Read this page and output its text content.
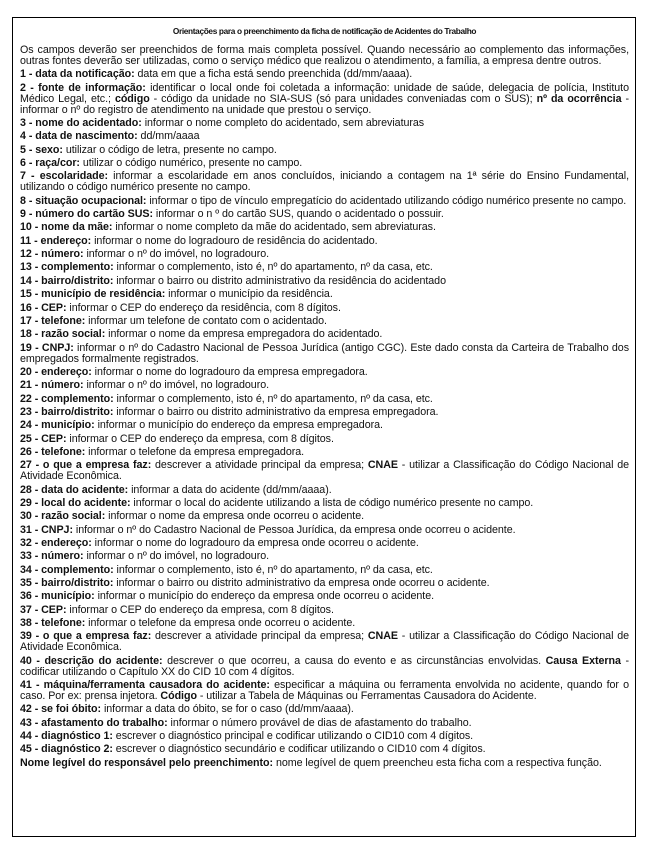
Orientações para o preenchimento da ficha de notificação de Acidentes do Trabalho

Os campos deverão ser preenchidos de forma mais completa possível. Quando necessário ao complemento das informações, outras fontes deverão ser utilizadas, como o serviço médico que realizou o atendimento, a família, a empresa dentre outros.

1 - data da notificação: data em que a ficha está sendo preenchida (dd/mm/aaaa).

2 - fonte de informação: identificar o local onde foi coletada a informação: unidade de saúde, delegacia de polícia, Instituto Médico Legal, etc.; código - código da unidade no SIA-SUS (só para unidades conveniadas com o SUS); nº da ocorrência - informar o nº do registro de atendimento na unidade que prestou o serviço.

3 - nome do acidentado: informar o nome completo do acidentado, sem abreviaturas

4 - data de nascimento: dd/mm/aaaa

5 - sexo: utilizar o código de letra, presente no campo.

6 - raça/cor: utilizar o código numérico, presente no campo.

7 - escolaridade: informar a escolaridade em anos concluídos, iniciando a contagem na 1ª série do Ensino Fundamental, utilizando o código numérico presente no campo.

8 - situação ocupacional: informar o tipo de vínculo empregatício do acidentado utilizando código numérico presente no campo.

9 - número do cartão SUS: informar o n º do cartão SUS, quando o acidentado o possuir.

10 - nome da mãe: informar o nome completo da mãe do acidentado, sem abreviaturas.

11 - endereço: informar o nome do logradouro de residência do acidentado.

12 - número: informar o nº do imóvel, no logradouro.

13 - complemento: informar o complemento, isto é, nº do apartamento, nº da casa, etc.

14 - bairro/distrito: informar o bairro ou distrito administrativo da residência do acidentado

15 - município de residência: informar o município da residência.

16 - CEP: informar o CEP do endereço da residência, com 8 dígitos.

17 - telefone: informar um telefone de contato com o acidentado.

18 - razão social: informar o nome da empresa empregadora do acidentado.

19 - CNPJ: informar o nº do Cadastro Nacional de Pessoa Jurídica (antigo CGC). Este dado consta da Carteira de Trabalho dos empregados formalmente registrados.

20 - endereço: informar o nome do logradouro da empresa empregadora.

21 - número: informar o nº do imóvel, no logradouro.

22 - complemento: informar o complemento, isto é, nº do apartamento, nº da casa, etc.

23 - bairro/distrito: informar o bairro ou distrito administrativo da empresa empregadora.

24 - município: informar o município do endereço da empresa empregadora.

25 - CEP: informar o CEP do endereço da empresa, com 8 dígitos.

26 - telefone: informar o telefone da empresa empregadora.

27 - o que a empresa faz: descrever a atividade principal da empresa; CNAE - utilizar a Classificação do Código Nacional de Atividade Econômica.

28 - data do acidente: informar a data do acidente (dd/mm/aaaa).

29 - local do acidente: informar o local do acidente utilizando a lista de código numérico presente no campo.

30 - razão social: informar o nome da empresa onde ocorreu o acidente.

31 - CNPJ: informar o nº do Cadastro Nacional de Pessoa Jurídica, da empresa onde ocorreu o acidente.

32 - endereço: informar o nome do logradouro da empresa onde ocorreu o acidente.

33 - número: informar o nº do imóvel, no logradouro.

34 - complemento: informar o complemento, isto é, nº do apartamento, nº da casa, etc.

35 - bairro/distrito: informar o bairro ou distrito administrativo da empresa onde ocorreu o acidente.

36 - município: informar o município do endereço da empresa onde ocorreu o acidente.

37 - CEP: informar o CEP do endereço da empresa, com 8 dígitos.

38 - telefone: informar o telefone da empresa onde ocorreu o acidente.

39 - o que a empresa faz: descrever a atividade principal da empresa; CNAE - utilizar a Classificação do Código Nacional de Atividade Econômica.

40 - descrição do acidente: descrever o que ocorreu, a causa do evento e as circunstâncias envolvidas. Causa Externa - codificar utilizando o Capítulo XX do CID 10 com 4 dígitos.

41 - máquina/ferramenta causadora do acidente: especificar a máquina ou ferramenta envolvida no acidente, quando for o caso. Por ex: prensa injetora. Código - utilizar a Tabela de Máquinas ou Ferramentas Causadora do Acidente.

42 - se foi óbito: informar a data do óbito, se for o caso (dd/mm/aaaa).

43 - afastamento do trabalho: informar o número provável de dias de afastamento do trabalho.

44 - diagnóstico 1: escrever o diagnóstico principal e codificar utilizando o CID10 com 4 dígitos.

45 - diagnóstico 2: escrever o diagnóstico secundário e codificar utilizando o CID10 com 4 dígitos.

Nome legível do responsável pelo preenchimento: nome legível de quem preencheu esta ficha com a respectiva função.
